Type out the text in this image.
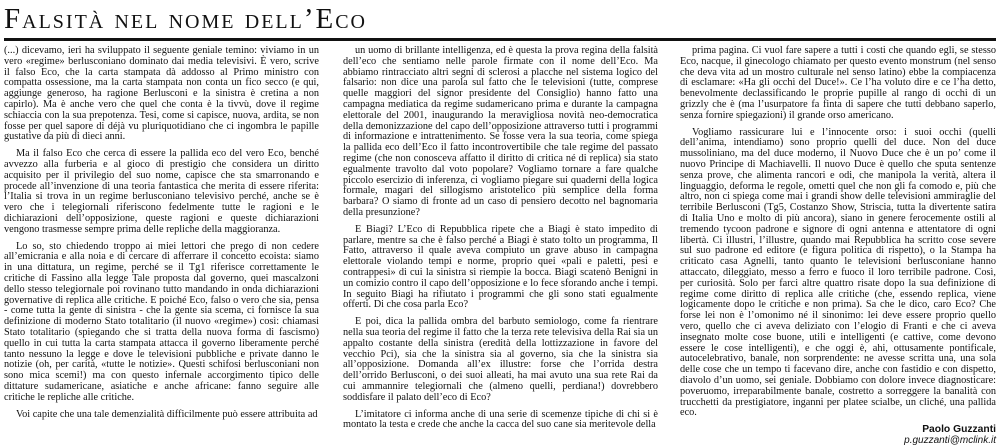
Falsità nel nome dell’Eco

(...) dicevamo, ieri ha sviluppato il seguente geniale temino: viviamo in un vero «regime» berlusconiano dominato dai media televisivi. È vero, scrive il falso Eco, che la carta stampata dà addosso al Primo ministro con compatta ossessione, ma la carta stampata non conta un fico secco (e qui, aggiunge generoso, ha ragione Berlusconi e la sinistra è cretina a non capirlo). Ma è anche vero che quel che conta è la tivvù, dove il regime schiaccia con la sua prepotenza. Tesi, come si capisce, nuova, ardita, se non fosse per quel sapore di déjà vu pluriquotidiano che ci ingombra le papille gustative da più di dieci anni.

Ma il falso Eco che cerca di essere la pallida eco del vero Eco, benché avvezzo alla furberia e al gioco di prestigio che considera un diritto acquisito per il privilegio del suo nome, capisce che sta smarronando e procede all’invenzione di una teoria fantastica che merita di essere riferita: l’Italia si trova in un regime berlusconiano televisivo perché, anche se è vero che i telegiornali riferiscono fedelmente tutte le ragioni e le dichiarazioni dell’opposizione, queste ragioni e queste dichiarazioni vengono trasmesse sempre prima delle repliche della maggioranza.

Lo so, sto chiedendo troppo ai miei lettori che prego di non cedere all’emicrania e alla noia e di cercare di afferrare il concetto ecoista: siamo in una dittatura, un regime, perché se il Tg1 riferisce correttamente le critiche di Fassino alla legge Tale proposta dal governo, quei mascalzoni dello stesso telegiornale poi rovinano tutto mandando in onda dichiarazioni governative di replica alle critiche. E poiché Eco, falso o vero che sia, pensa - come tutta la gente di sinistra - che la gente sia scema, ci fornisce la sua definizione di moderno Stato totalitario (il nuovo «regime») così: chiamasi Stato totalitario (spiegando che si tratta della nuova forma di fascismo) quello in cui tutta la carta stampata attacca il governo liberamente perché tanto nessuno la legge e dove le televisioni pubbliche e private danno le notizie (oh, per carità, «tutte le notizie». Questi schifosi berlusconiani non sono mica scemi!) ma con questo infernale accorgimento tipico delle dittature sudamericane, asiatiche e anche africane: fanno seguire alle critiche le repliche alle critiche.

Voi capite che una tale demenzialità difficilmente può essere attribuita ad

un uomo di brillante intelligenza, ed è questa la prova regina della falsità dell’eco che sentiamo nelle parole firmate con il nome dell’Eco. Ma abbiamo rintracciato altri segni di sclerosi a placche nel sistema logico del falsario: non dice una parola sul fatto che le televisioni (tutte, comprese quelle maggiori del signor presidente del Consiglio) hanno fatto una campagna mediatica da regime sudamericano prima e durante la campagna elettorale del 2001, inaugurando la meravigliosa novità neo-democratica della demonizzazione del capo dell’opposizione attraverso tutti i programmi di informazione e intrattenimento. Se fosse vera la sua teoria, come spiega la pallida eco dell’Eco il fatto incontrovertibile che tale regime del passato regime (che non conosceva affatto il diritto di critica né di replica) sia stato egualmente travolto dal voto popolare? Vogliamo tornare a fare qualche piccolo esercizio di inferenza, ci vogliamo piegare sui quaderni della logica formale, magari del sillogismo aristotelico più semplice della forma barbara? O siamo di fronte ad un caso di pensiero decotto nel bagnomaria della presunzione?

E Biagi? L’Eco di Repubblica ripete che a Biagi è stato impedito di parlare, mentre sa che è falso perché a Biagi è stato tolto un programma, Il Fatto, attraverso il quale aveva compiuto un grave abuso in campagna elettorale violando tempi e norme, proprio quei «pali e paletti, pesi e contrappesi» di cui la sinistra si riempie la bocca. Biagi scatenò Benigni in un comizio contro il capo dell’opposizione e lo fece sforando anche i tempi. In seguito Biagi ha rifiutato i programmi che gli sono stati egualmente offerti. Di che cosa parla Eco?

E poi, dica la pallida ombra del barbuto semiologo, come fa rientrare nella sua teoria del regime il fatto che la terza rete televisiva della Rai sia un appalto costante della sinistra (eredità della lottizzazione in favore del vecchio Pci), sia che la sinistra sia al governo, sia che la sinistra sia all’opposizione. Domanda all’ex illustre: forse che l’orrida destra dell’orrido Berlusconi, o dei suoi alleati, ha mai avuto una sua rete Rai da cui ammannire telegiornali che (almeno quelli, perdiana!) dovrebbero soddisfare il palato dell’eco di Eco?

L’imitatore ci informa anche di una serie di scemenze tipiche di chi si è montato la testa e crede che anche la cacca del suo cane sia meritevole della

prima pagina. Ci vuol fare sapere a tutti i costi che quando egli, se stesso Eco, nacque, il ginecologo chiamato per questo evento monstrum (nel senso che deva vita ad un mostro culturale nel senso latino) ebbe la compiacenza di esclamare: «Ha gli occhi del Duce!». Ce l’ha voluto dire e ce l’ha detto, benevolmente declassificando le proprie pupille al rango di occhi di un grizzly che è (ma l’usurpatore fa finta di sapere che tutti debbano saperlo, senza fornire spiegazioni) il grande orso americano.

Vogliamo rassicurare lui e l’innocente orso: i suoi occhi (quelli dell’anima, intendiamo) sono proprio quelli del duce. Non del duce mussoliniano, ma del duce moderno, il Nuovo Duce che è un po’ come il nuovo Principe di Machiavelli. Il nuovo Duce è quello che sputa sentenze senza prove, che alimenta rancori e odi, che manipola la verità, altera il linguaggio, deforma le regole, ometti quel che non gli fa comodo e, più che altro, non ci spiega come mai i grandi show delle televisioni ammiraglie del terribile Berlusconi (Tg5, Costanzo Show, Striscia, tutta la divertente satira di Italia Uno e molto di più ancora), siano in genere ferocemente ostili al tremendo tycoon padrone e signore di ogni antenna e attentatore di ogni libertà. Ci illustri, l’illustre, quando mai Repubblica ha scritto cose severe sul suo padrone ed editore (e figura politica di rispetto), o la Stampa ha criticato casa Agnelli, tanto quanto le televisioni berlusconiane hanno attaccato, dileggiato, messo a ferro e fuoco il loro terribile padrone. Così, per curiosità. Solo per farci altre quattro risate dopo la sua definizione di regime come diritto di replica alle critiche (che, essendo replica, viene logicamente dopo le critiche e non prima). Sa che le dico, caro Eco? Che forse lei non è l’omonimo né il sinonimo: lei deve essere proprio quello vero, quello che ci aveva deliziato con l’elogio di Franti e che ci aveva insegnato molte cose buone, utili e intelligenti (e cattive, come devono essere le cose intelligenti), e che oggi è, ahi, ottusamente pontificale, autocelebrativo, banale, non sorprendente: ne avesse scritta una, una sola delle cose che un tempo ti facevano dire, anche con fastidio e con dispetto, diavolo d’un uomo, sei geniale. Dobbiamo con dolore invece diagnosticare: poveruomo, irreparabilmente banale, costretto a sorreggere la banalità con trucchetti da prestigiatore, inganni per platee scialbe, un cliché, una pallida eco.

Paolo Guzzanti
p.guzzanti@mclink.it
